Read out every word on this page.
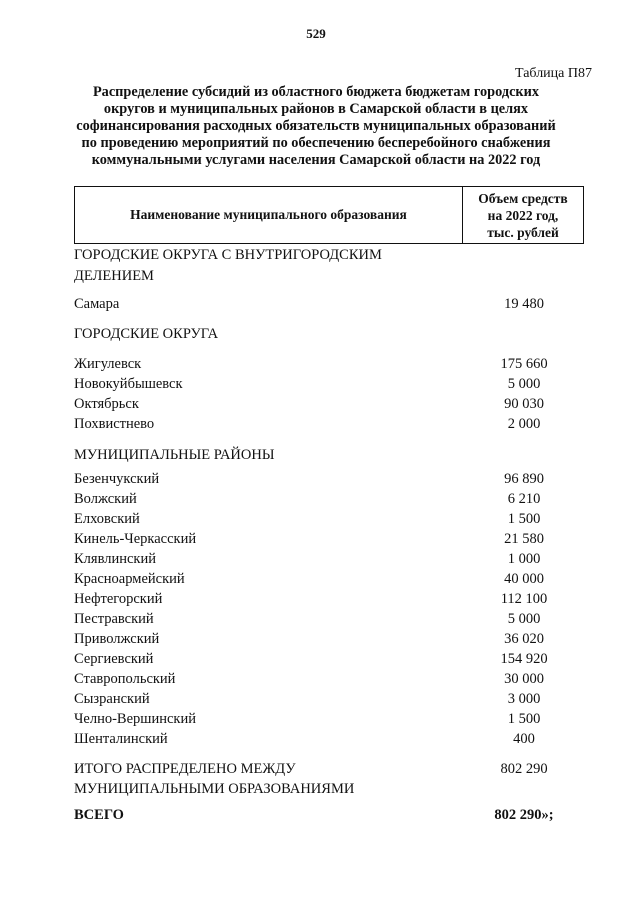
529
Таблица П87
Распределение субсидий из областного бюджета бюджетам городских
округов и муниципальных районов в Самарской области в целях
софинансирования расходных обязательств муниципальных образований
по проведению мероприятий по обеспечению бесперебойного снабжения
коммунальными услугами населения Самарской области на 2022 год
Наименование муниципального образования
Объем средств
на 2022 год,
тыс. рублей
ГОРОДСКИЕ ОКРУГА С ВНУТРИГОРОДСКИМ
ДЕЛЕНИЕМ
Самара	19 480
ГОРОДСКИЕ ОКРУГА
Жигулевск	175 660
Новокуйбышевск	5 000
Октябрьск	90 030
Похвистнево	2 000
МУНИЦИПАЛЬНЫЕ РАЙОНЫ
Безенчукский	96 890
Волжский	6 210
Елховский	1 500
Кинель-Черкасский	21 580
Клявлинский	1 000
Красноармейский	40 000
Нефтегорский	112 100
Пестравский	5 000
Приволжский	36 020
Сергиевский	154 920
Ставропольский	30 000
Сызранский	3 000
Челно-Вершинский	1 500
Шенталинский	400
ИТОГО РАСПРЕДЕЛЕНО МЕЖДУ	802 290
МУНИЦИПАЛЬНЫМИ ОБРАЗОВАНИЯМИ
ВСЕГО	802 290»;
